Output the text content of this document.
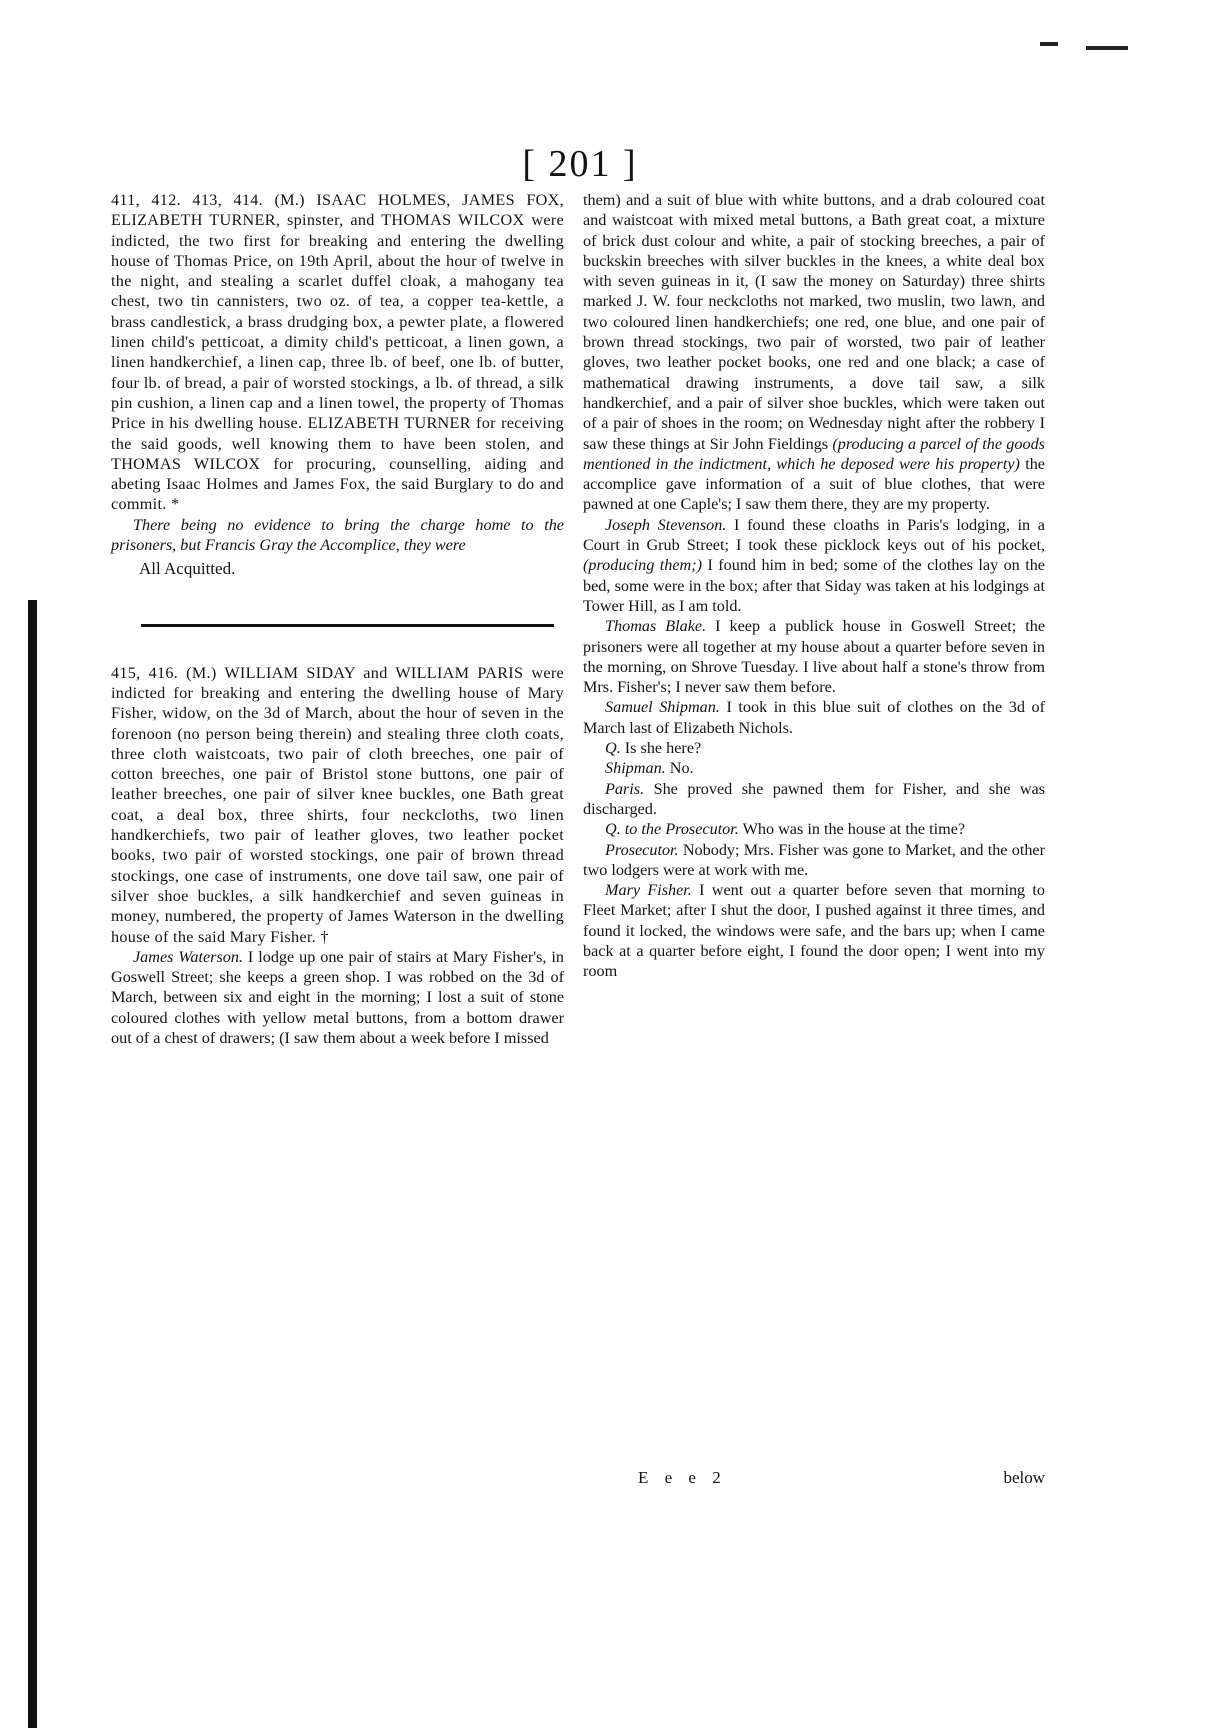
[ 201 ]

411, 412. 413, 414. (M.) ISAAC HOLMES, JAMES FOX, ELIZABETH TURNER, spinster, and THOMAS WILCOX were indicted, the two first for breaking and entering the dwelling house of Thomas Price, on 19th April, about the hour of twelve in the night, and stealing a scarlet duffel cloak, a mahogany tea chest, two tin cannisters, two oz. of tea, a copper tea-kettle, a brass candlestick, a brass drudging box, a pewter plate, a flowered linen child's petticoat, a dimity child's petticoat, a linen gown, a linen handkerchief, a linen cap, three lb. of beef, one lb. of butter, four lb. of bread, a pair of worsted stockings, a lb. of thread, a silk pin cushion, a linen cap and a linen towel, the property of Thomas Price in his dwelling house. ELIZABETH TURNER for receiving the said goods, well knowing them to have been stolen, and THOMAS WILCOX for procuring, counselling, aiding and abeting Isaac Holmes and James Fox, the said Burglary to do and commit. *

There being no evidence to bring the charge home to the prisoners, but Francis Gray the Accomplice, they were

All Acquitted.

415, 416. (M.) WILLIAM SIDAY and WILLIAM PARIS were indicted for breaking and entering the dwelling house of Mary Fisher, widow, on the 3d of March, about the hour of seven in the forenoon (no person being therein) and stealing three cloth coats, three cloth waistcoats, two pair of cloth breeches, one pair of cotton breeches, one pair of Bristol stone buttons, one pair of leather breeches, one pair of silver knee buckles, one Bath great coat, a deal box, three shirts, four neckcloths, two linen handkerchiefs, two pair of leather gloves, two leather pocket books, two pair of worsted stockings, one pair of brown thread stockings, one case of instruments, one dove tail saw, one pair of silver shoe buckles, a silk handkerchief and seven guineas in money, numbered, the property of James Waterson in the dwelling house of the said Mary Fisher. †

James Waterson. I lodge up one pair of stairs at Mary Fisher's, in Goswell Street; she keeps a green shop. I was robbed on the 3d of March, between six and eight in the morning; I lost a suit of stone coloured clothes with yellow metal buttons, from a bottom drawer out of a chest of drawers; (I saw them about a week before I missed

them) and a suit of blue with white buttons, and a drab coloured coat and waistcoat with mixed metal buttons, a Bath great coat, a mixture of brick dust colour and white, a pair of stocking breeches, a pair of buckskin breeches with silver buckles in the knees, a white deal box with seven guineas in it, (I saw the money on Saturday) three shirts marked J. W. four neckcloths not marked, two muslin, two lawn, and two coloured linen handkerchiefs; one red, one blue, and one pair of brown thread stockings, two pair of worsted, two pair of leather gloves, two leather pocket books, one red and one black; a case of mathematical drawing instruments, a dove tail saw, a silk handkerchief, and a pair of silver shoe buckles, which were taken out of a pair of shoes in the room; on Wednesday night after the robbery I saw these things at Sir John Fieldings (producing a parcel of the goods mentioned in the indictment, which he deposed were his property) the accomplice gave information of a suit of blue clothes, that were pawned at one Caple's; I saw them there, they are my property.

Joseph Stevenson. I found these cloaths in Paris's lodging, in a Court in Grub Street; I took these picklock keys out of his pocket, (producing them;) I found him in bed; some of the clothes lay on the bed, some were in the box; after that Siday was taken at his lodgings at Tower Hill, as I am told.

Thomas Blake. I keep a publick house in Goswell Street; the prisoners were all together at my house about a quarter before seven in the morning, on Shrove Tuesday. I live about half a stone's throw from Mrs. Fisher's; I never saw them before.

Samuel Shipman. I took in this blue suit of clothes on the 3d of March last of Elizabeth Nichols.

Q. Is she here?

Shipman. No.

Paris. She proved she pawned them for Fisher, and she was discharged.

Q. to the Prosecutor. Who was in the house at the time?

Prosecutor. Nobody; Mrs. Fisher was gone to Market, and the other two lodgers were at work with me.

Mary Fisher. I went out a quarter before seven that morning to Fleet Market; after I shut the door, I pushed against it three times, and found it locked, the windows were safe, and the bars up; when I came back at a quarter before eight, I found the door open; I went into my room

E e e 2	below
